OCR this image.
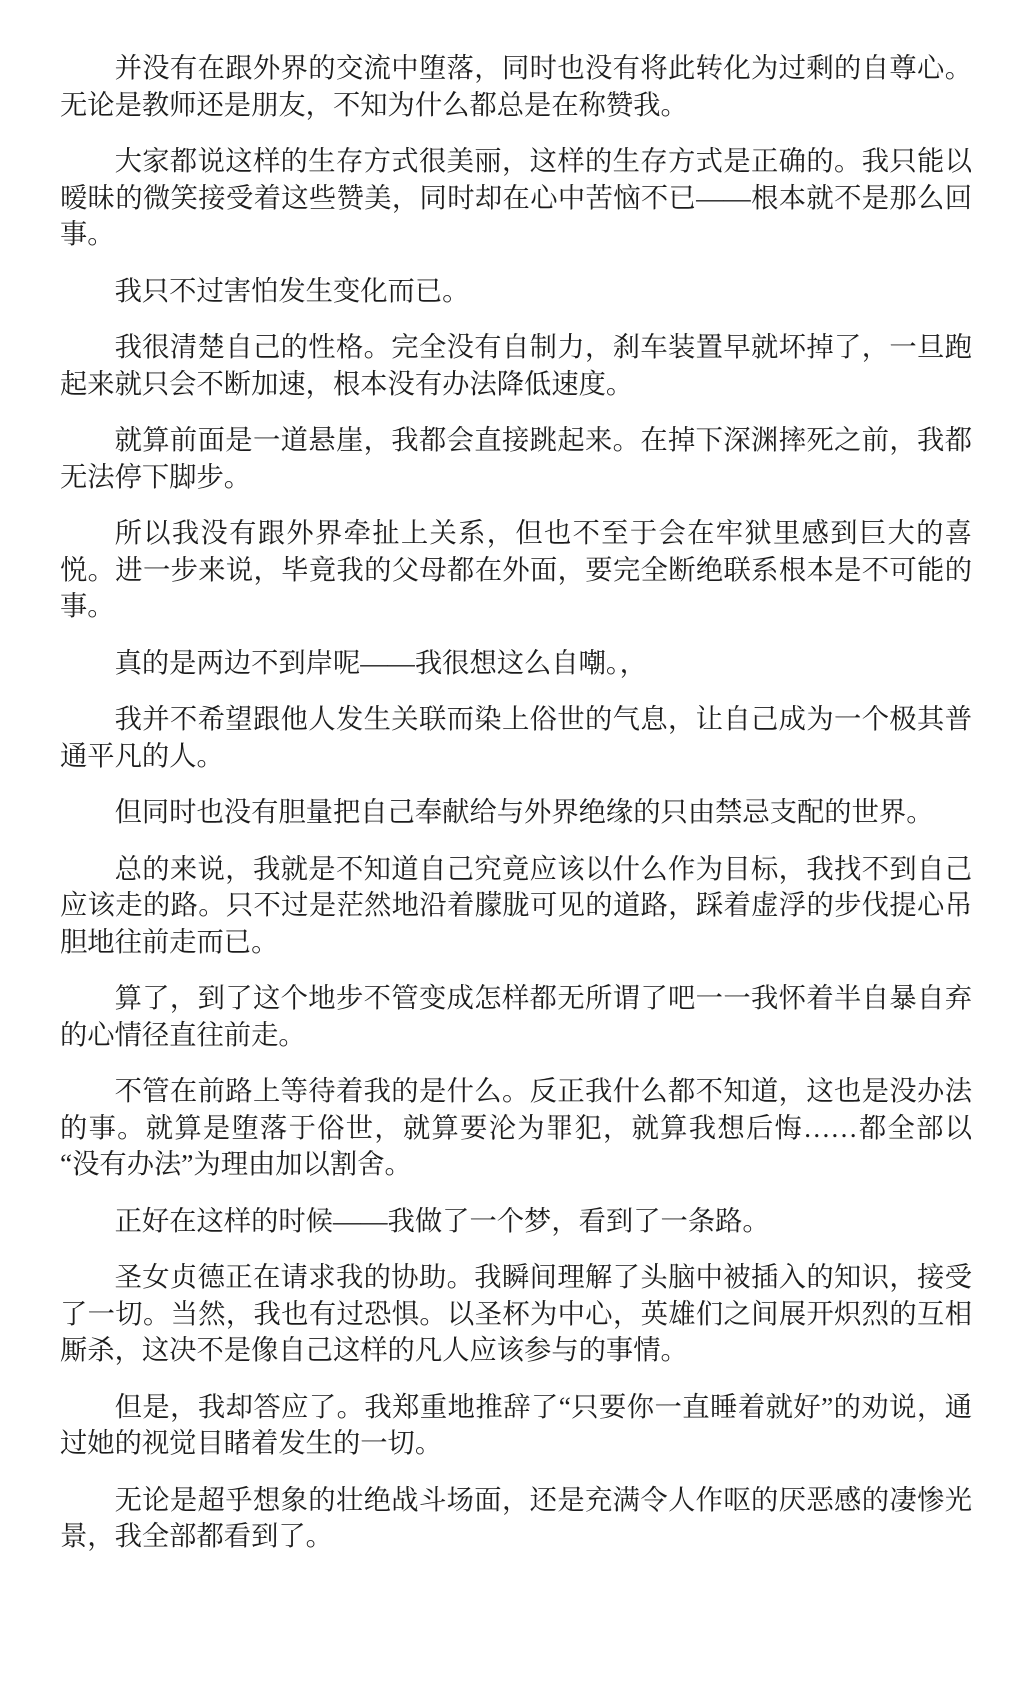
并没有在跟外界的交流中堕落，同时也没有将此转化为过剩的自尊心。无论是教师还是朋友，不知为什么都总是在称赞我。

大家都说这样的生存方式很美丽，这样的生存方式是正确的。我只能以暧昧的微笑接受着这些赞美，同时却在心中苦恼不已——根本就不是那么回事。

我只不过害怕发生变化而已。

我很清楚自己的性格。完全没有自制力，刹车装置早就坏掉了，一旦跑起来就只会不断加速，根本没有办法降低速度。

就算前面是一道悬崖，我都会直接跳起来。在掉下深渊摔死之前，我都无法停下脚步。

所以我没有跟外界牵扯上关系，但也不至于会在牢狱里感到巨大的喜悦。进一步来说，毕竟我的父母都在外面，要完全断绝联系根本是不可能的事。

真的是两边不到岸呢——我很想这么自嘲。，

我并不希望跟他人发生关联而染上俗世的气息，让自己成为一个极其普通平凡的人。

但同时也没有胆量把自己奉献给与外界绝缘的只由禁忌支配的世界。

总的来说，我就是不知道自己究竟应该以什么作为目标，我找不到自己应该走的路。只不过是茫然地沿着朦胧可见的道路，踩着虚浮的步伐提心吊胆地往前走而已。

算了，到了这个地步不管变成怎样都无所谓了吧一一我怀着半自暴自弃的心情径直往前走。

不管在前路上等待着我的是什么。反正我什么都不知道，这也是没办法的事。就算是堕落于俗世，就算要沦为罪犯，就算我想后悔……都全部以“没有办法”为理由加以割舍。

正好在这样的时候——我做了一个梦，看到了一条路。

圣女贞德正在请求我的协助。我瞬间理解了头脑中被插入的知识，接受了一切。当然，我也有过恐惧。以圣杯为中心，英雄们之间展开炽烈的互相厮杀，这决不是像自己这样的凡人应该参与的事情。

但是，我却答应了。我郑重地推辞了“只要你一直睡着就好”的劝说，通过她的视觉目睹着发生的一切。

无论是超乎想象的壮绝战斗场面，还是充满令人作呕的厌恶感的凄惨光景，我全部都看到了。
